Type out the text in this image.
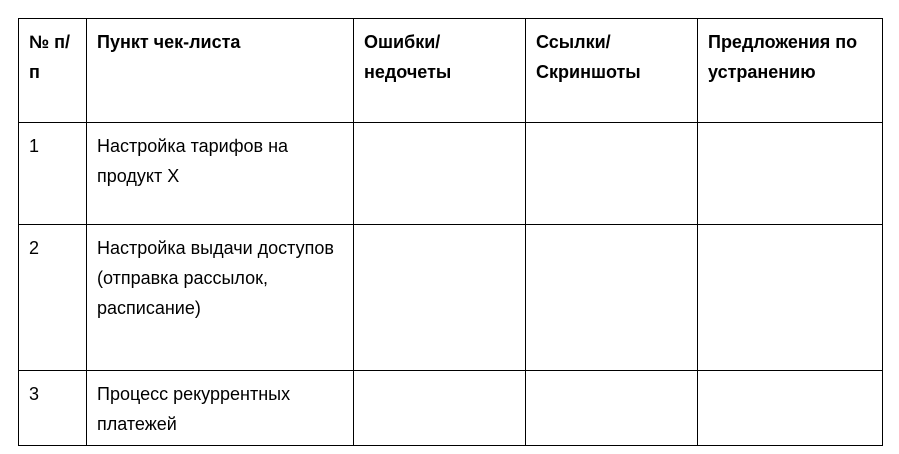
№ п/п	Пункт чек-листа	Ошибки/ недочеты	Ссылки/ Скриншоты	Предложения по устранению
1	Настройка тарифов на продукт X			
2	Настройка выдачи доступов (отправка рассылок, расписание)			
3	Процесс рекуррентных платежей			
